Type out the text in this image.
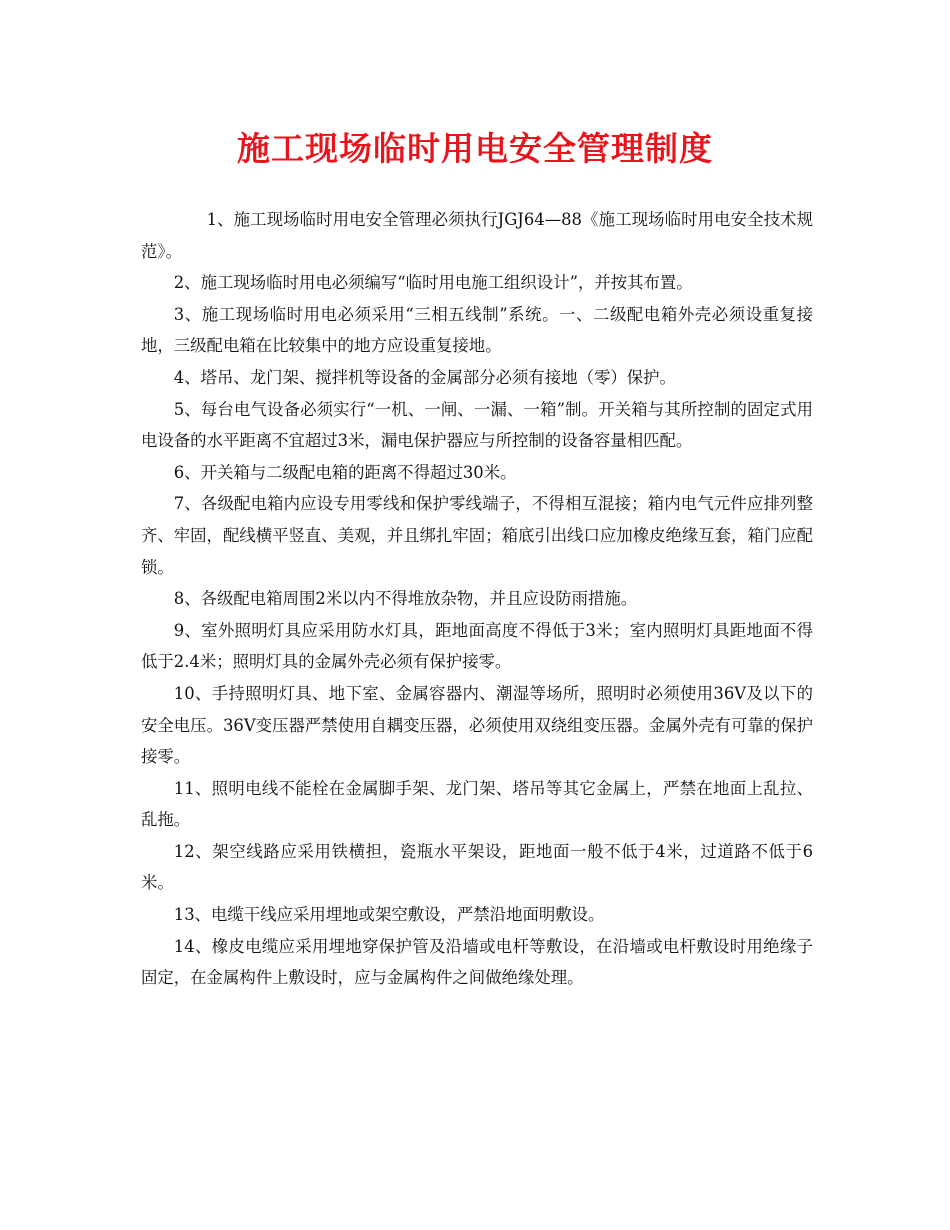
施工现场临时用电安全管理制度

1、施工现场临时用电安全管理必须执行JGJ64—88《施工现场临时用电安全技术规范》。

2、施工现场临时用电必须编写“临时用电施工组织设计”，并按其布置。

3、施工现场临时用电必须采用“三相五线制”系统。一、二级配电箱外壳必须设重复接地，三级配电箱在比较集中的地方应设重复接地。

4、塔吊、龙门架、搅拌机等设备的金属部分必须有接地（零）保护。

5、每台电气设备必须实行“一机、一闸、一漏、一箱”制。开关箱与其所控制的固定式用电设备的水平距离不宜超过3米，漏电保护器应与所控制的设备容量相匹配。

6、开关箱与二级配电箱的距离不得超过30米。

7、各级配电箱内应设专用零线和保护零线端子，不得相互混接；箱内电气元件应排列整齐、牢固，配线横平竖直、美观，并且绑扎牢固；箱底引出线口应加橡皮绝缘互套，箱门应配锁。

8、各级配电箱周围2米以内不得堆放杂物，并且应设防雨措施。

9、室外照明灯具应采用防水灯具，距地面高度不得低于3米；室内照明灯具距地面不得低于2.4米；照明灯具的金属外壳必须有保护接零。

10、手持照明灯具、地下室、金属容器内、潮湿等场所，照明时必须使用36V及以下的安全电压。36V变压器严禁使用自耦变压器，必须使用双绕组变压器。金属外壳有可靠的保护接零。

11、照明电线不能栓在金属脚手架、龙门架、塔吊等其它金属上，严禁在地面上乱拉、乱拖。

12、架空线路应采用铁横担，瓷瓶水平架设，距地面一般不低于4米，过道路不低于6米。

13、电缆干线应采用埋地或架空敷设，严禁沿地面明敷设。

14、橡皮电缆应采用埋地穿保护管及沿墙或电杆等敷设，在沿墙或电杆敷设时用绝缘子固定，在金属构件上敷设时，应与金属构件之间做绝缘处理。
